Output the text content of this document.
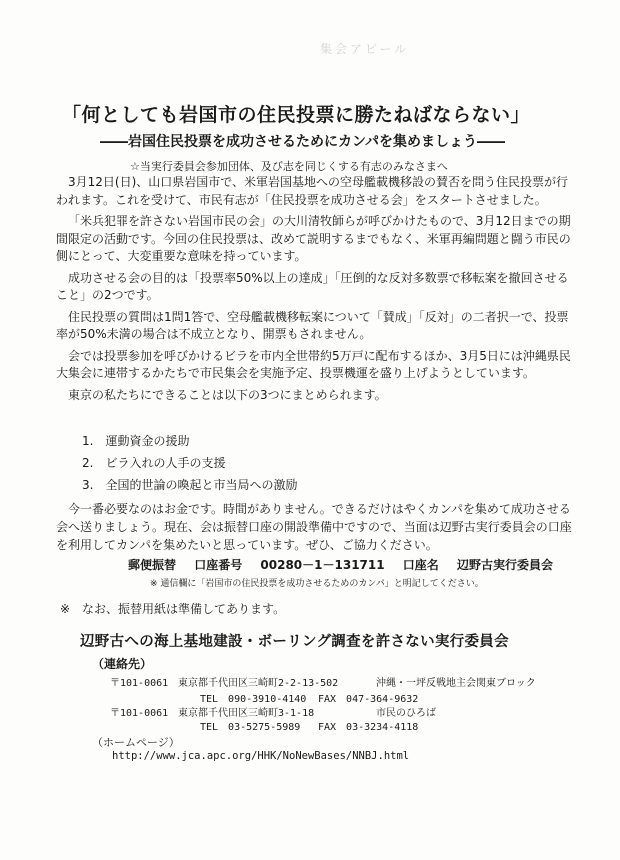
集会アピール
「何としても岩国市の住民投票に勝たねばならない」
――岩国住民投票を成功させるためにカンパを集めましょう――
☆当実行委員会参加団体、及び志を同じくする有志のみなさまへ

3月12日(日)、山口県岩国市で、米軍岩国基地への空母艦載機移設の賛否を問う住民投票が行われます。これを受けて、市民有志が「住民投票を成功させる会」をスタートさせました。

「米兵犯罪を許さない岩国市民の会」の大川清牧師らが呼びかけたもので、3月12日までの期間限定の活動です。今回の住民投票は、改めて説明するまでもなく、米軍再編問題と闘う市民の側にとって、大変重要な意味を持っています。

成功させる会の目的は「投票率50%以上の達成」「圧倒的な反対多数票で移転案を撤回させること」の2つです。

住民投票の質問は1問1答で、空母艦載機移転案について「賛成」「反対」の二者択一で、投票率が50%未満の場合は不成立となり、開票もされません。

会では投票参加を呼びかけるビラを市内全世帯約5万戸に配布するほか、3月5日には沖縄県民大集会に連帯するかたちで市民集会を実施予定、投票機運を盛り上げようとしています。

東京の私たちにできることは以下の3つにまとめられます。

1.　運動資金の援助
2.　ビラ入れの人手の支援
3.　全国的世論の喚起と市当局への激励
今一番必要なのはお金です。時間がありません。できるだけはやくカンパを集めて成功させる会へ送りましょう。現在、会は振替口座の開設準備中ですので、当面は辺野古実行委員会の口座を利用してカンパを集めたいと思っています。ぜひ、ご協力ください。
郵便振替 口座番号 00280－1－131711 口座名 辺野古実行委員会
※ 通信欄に「岩国市の住民投票を成功させるためのカンパ」と明記してください。
※　なお、振替用紙は準備してあります。
辺野古への海上基地建設・ボーリング調査を許さない実行委員会
（連絡先）
〒101-0061 東京都千代田区三崎町2-2-13-502	沖縄・一坪反戦地主会関東ブロック
TEL　090-3910-4140 FAX　047-364-9632
〒101-0061 東京都千代田区三崎町3-1-18	市民のひろば
TEL　03-5275-5989 FAX　03-3234-4118
（ホームページ）
http://www.jca.apc.org/HHK/NoNewBases/NNBJ.html
